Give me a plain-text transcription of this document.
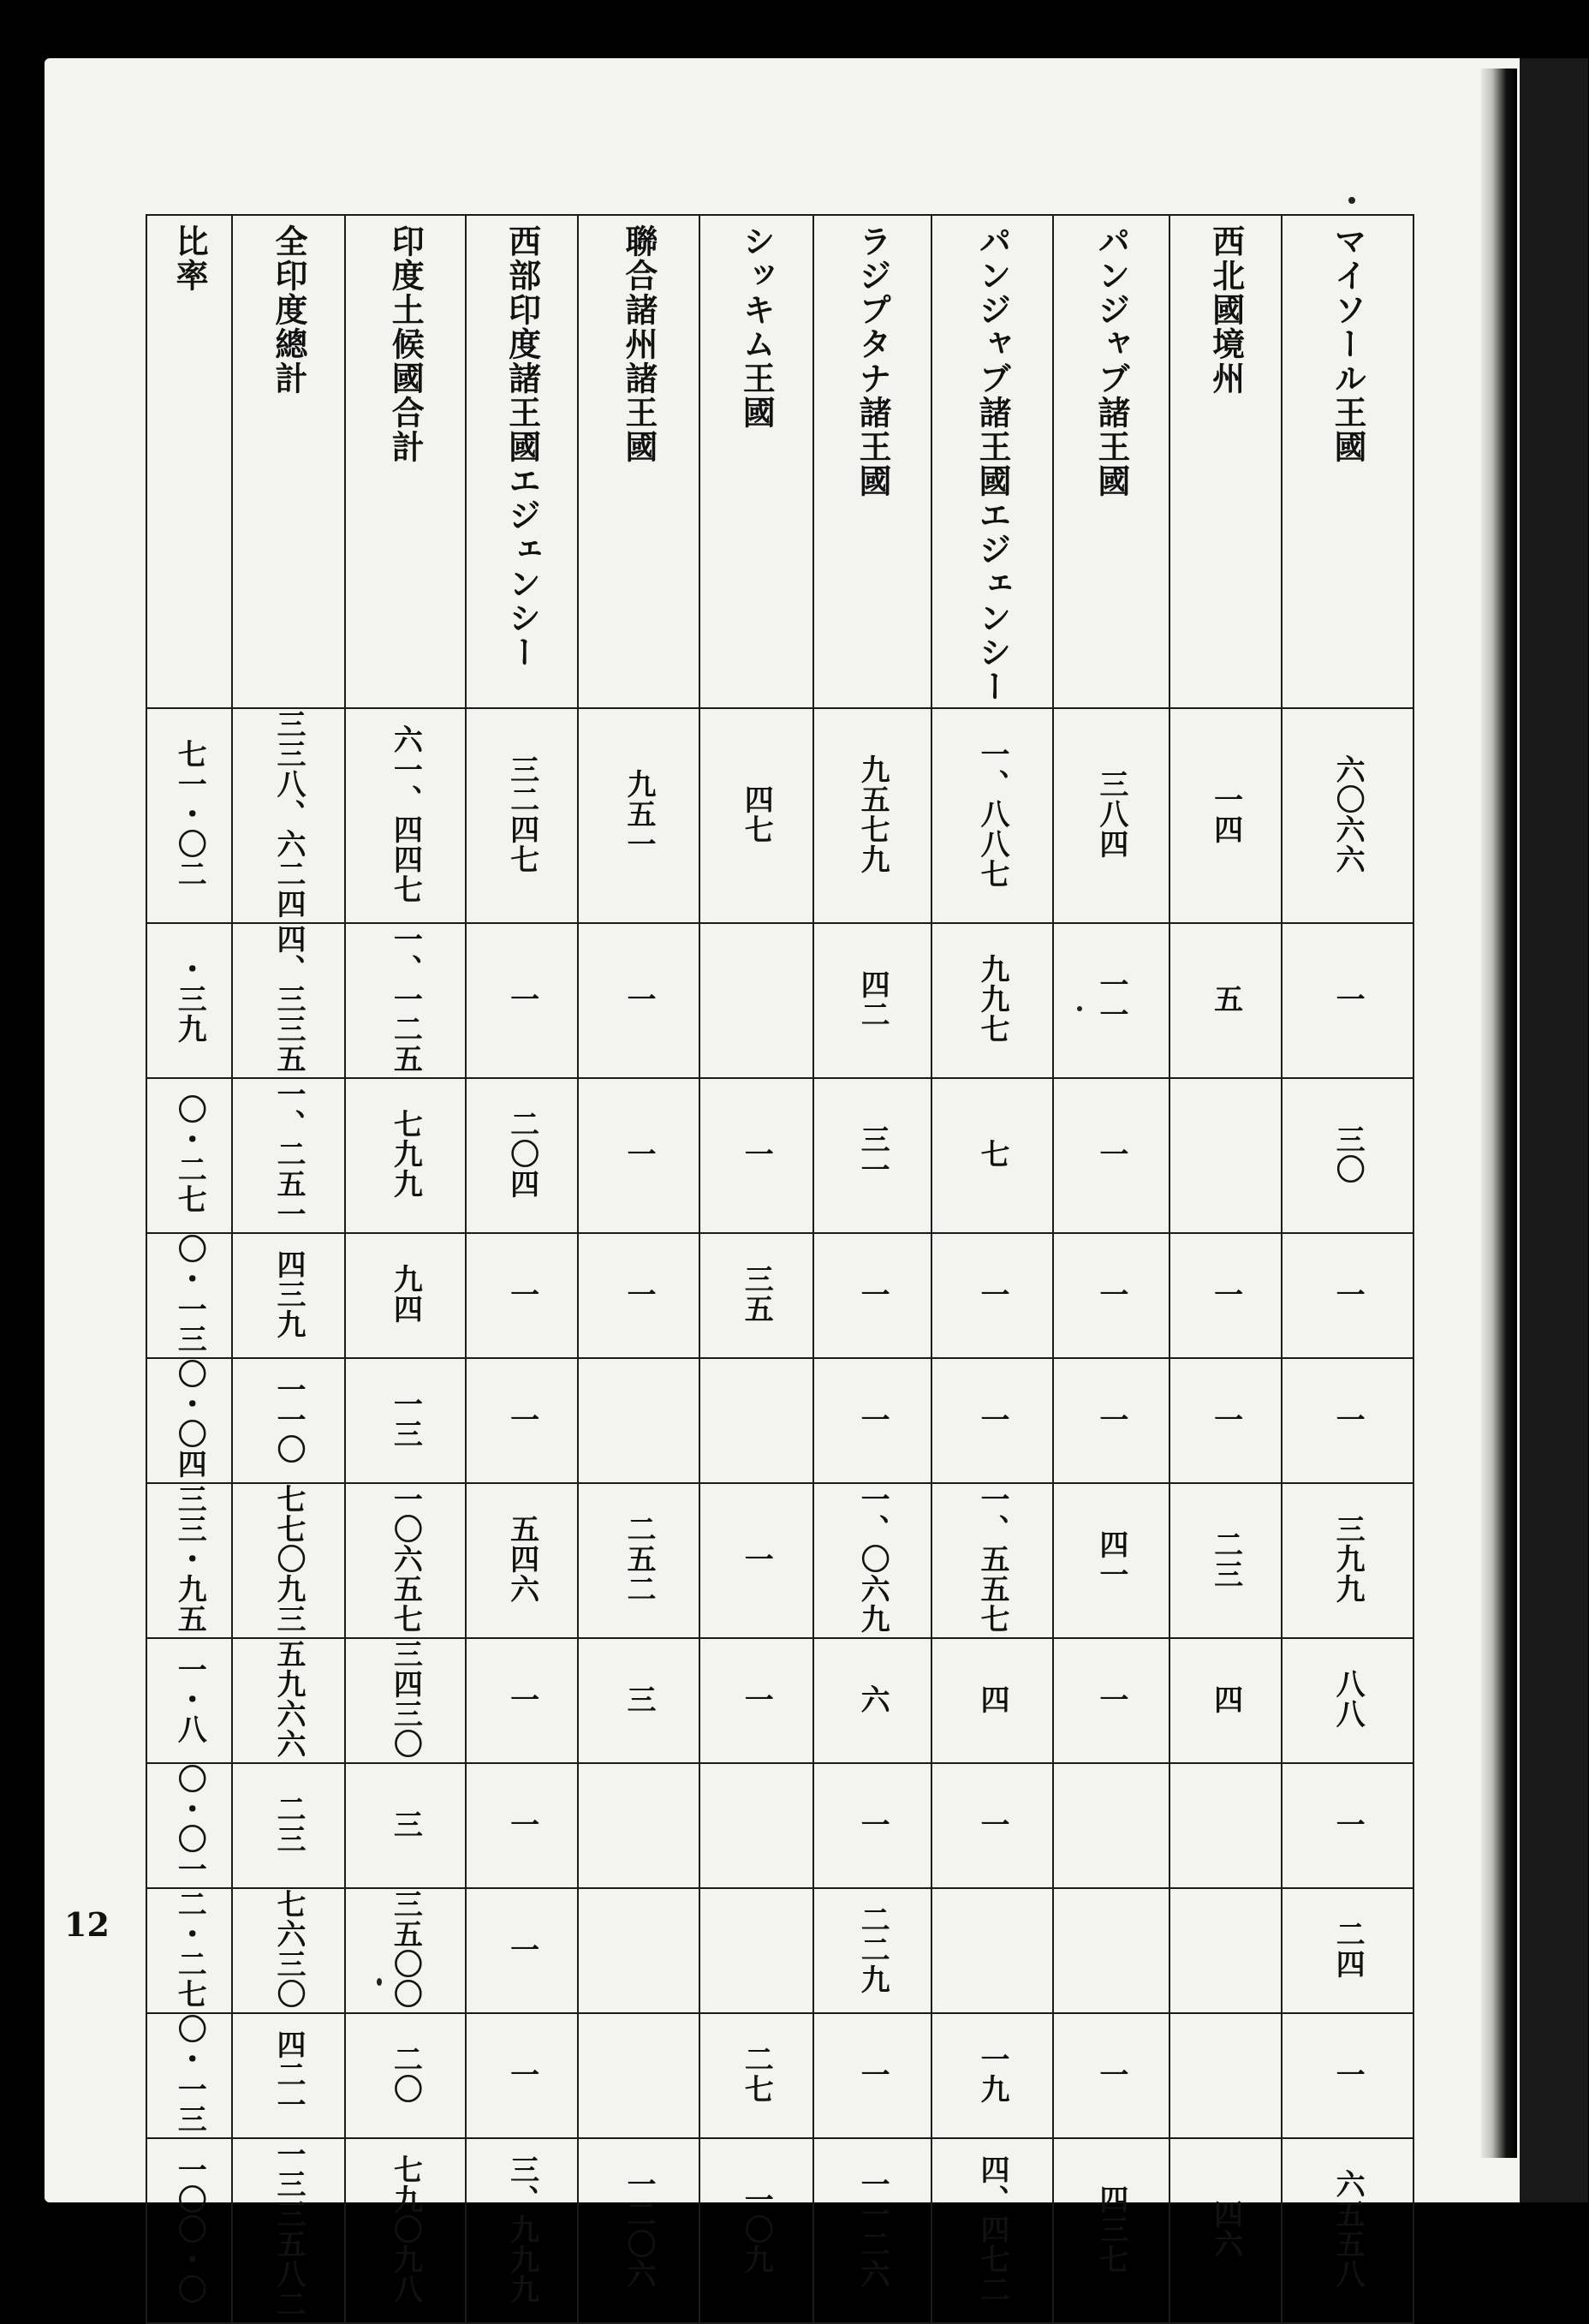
比率	全印度總計	印度土候國合計	西部印度諸王國エジェンシー	聯合諸州諸王國	シッキム王國	ラジプタナ諸王國	パンジャブ諸王國エジェンシー	パンジャブ諸王國	西北國境州	マイソール王國
七一・〇二	三三八、六二四	六一、四四七	三二四七	九五一	四七	九五七九	一、八八七	三八四	一四	六〇六六
・三九	四、三三五	一、一二五	一	一		四二	九九七	一一	五	一
〇・二七	一、二五一	七九九	二〇四	一	一	三一	七	一		三〇
〇・一三	四三九	九四	一	一	三五	一	一	一	一	一
〇・〇四	一一〇	一三	一			一	一	一	一	一
三三・九五	七七〇九三	一〇六五七	五四六	二五二	一	一、〇六九	一、五五七	四一	二三	三九九
一・八	五九六六	三四三〇	一	三	一	六	四	一	四	八八
〇・〇一	二三	三	一			一	一			一
二・二七	七六三〇	三五〇〇	一			二二九				二四
〇・一三	四二一	二〇	一		二七	一	一九	一		一
一〇〇・〇	一三三五八二	七九〇九八	三、九九九	一二〇六	一〇九	一一二六	四、四七二	四三七	四六	六五五八
12
